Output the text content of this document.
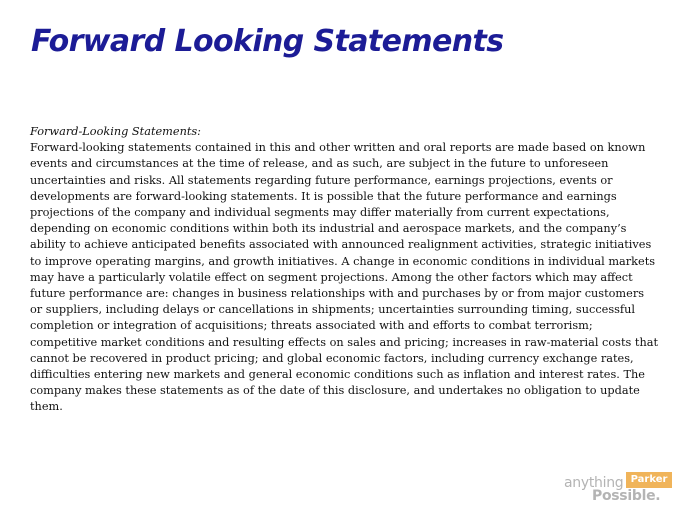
Forward Looking Statements
Forward-Looking Statements:
Forward-looking statements contained in this and other written and oral reports are made based on known events and circumstances at the time of release, and as such, are subject in the future to unforeseen uncertainties and risks. All statements regarding future performance, earnings projections, events or developments are forward-looking statements. It is possible that the future performance and earnings projections of the company and individual segments may differ materially from current expectations, depending on economic conditions within both its industrial and aerospace markets, and the company’s ability to achieve anticipated benefits associated with announced realignment activities, strategic initiatives to improve operating margins, and growth initiatives. A change in economic conditions in individual markets may have a particularly volatile effect on segment projections. Among the other factors which may affect future performance are: changes in business relationships with and purchases by or from major customers or suppliers, including delays or cancellations in shipments; uncertainties surrounding timing, successful completion or integration of acquisitions; threats associated with and efforts to combat terrorism; competitive market conditions and resulting effects on sales and pricing; increases in raw-material costs that cannot be recovered in product pricing; and global economic factors, including currency exchange rates, difficulties entering new markets and general economic conditions such as inflation and interest rates. The company makes these statements as of the date of this disclosure, and undertakes no obligation to update them.
anything Parker
Possible.
